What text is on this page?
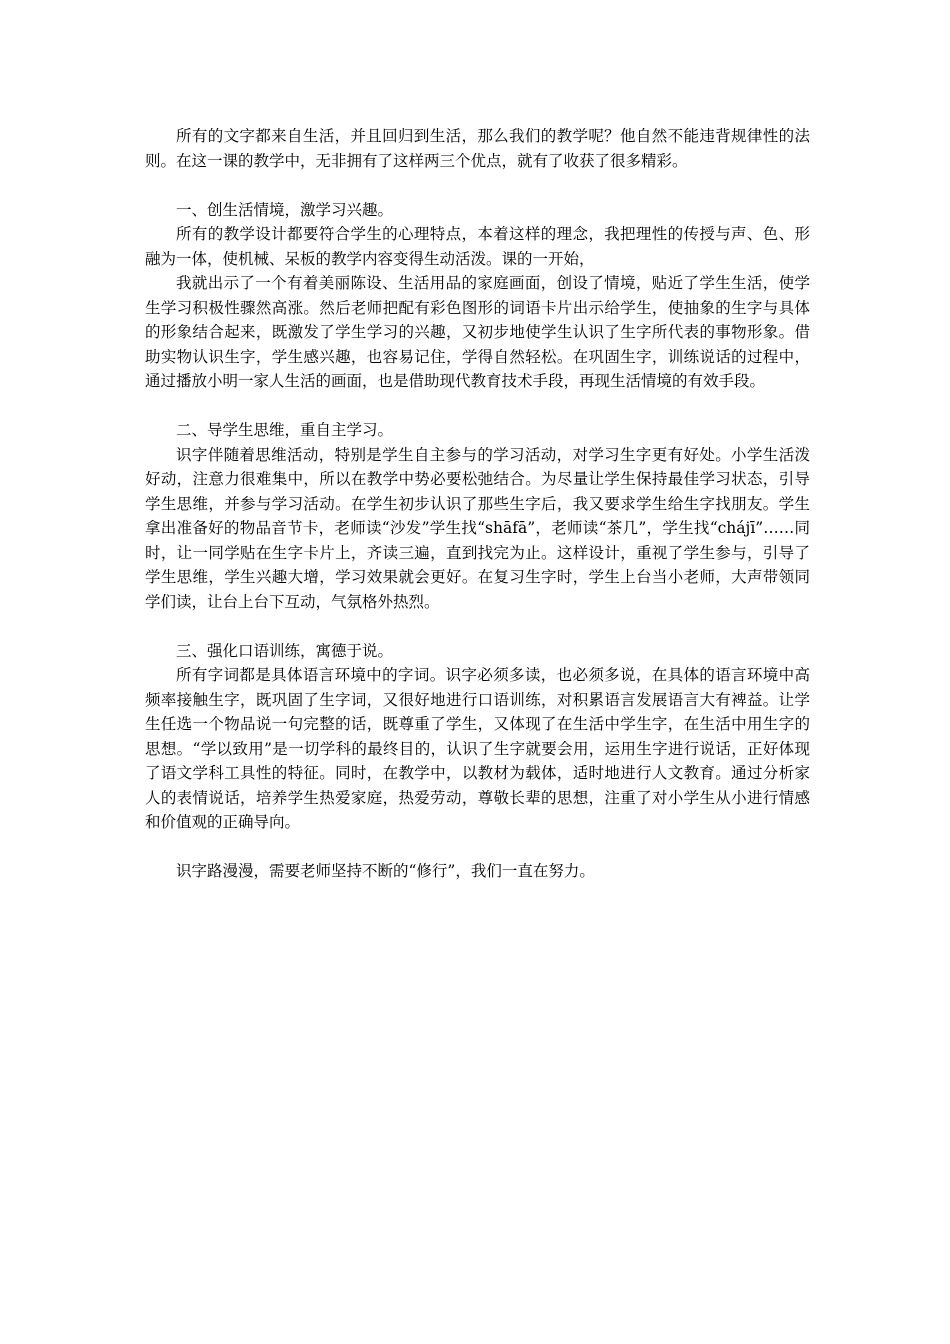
所有的文字都来自生活，并且回归到生活，那么我们的教学呢？他自然不能违背规律性的法则。在这一课的教学中，无非拥有了这样两三个优点，就有了收获了很多精彩。

一、创生活情境，激学习兴趣。

所有的教学设计都要符合学生的心理特点，本着这样的理念，我把理性的传授与声、色、形融为一体，使机械、呆板的教学内容变得生动活泼。课的一开始，

我就出示了一个有着美丽陈设、生活用品的家庭画面，创设了情境，贴近了学生生活，使学生学习积极性骤然高涨。然后老师把配有彩色图形的词语卡片出示给学生，使抽象的生字与具体的形象结合起来，既激发了学生学习的兴趣，又初步地使学生认识了生字所代表的事物形象。借助实物认识生字，学生感兴趣，也容易记住，学得自然轻松。在巩固生字，训练说话的过程中，通过播放小明一家人生活的画面，也是借助现代教育技术手段，再现生活情境的有效手段。

二、导学生思维，重自主学习。

识字伴随着思维活动，特别是学生自主参与的学习活动，对学习生字更有好处。小学生活泼好动，注意力很难集中，所以在教学中势必要松弛结合。为尽量让学生保持最佳学习状态，引导学生思维，并参与学习活动。在学生初步认识了那些生字后，我又要求学生给生字找朋友。学生拿出准备好的物品音节卡，老师读“沙发”学生找“shāfā”，老师读“茶几”，学生找“chájī”……同时，让一同学贴在生字卡片上，齐读三遍，直到找完为止。这样设计，重视了学生参与，引导了学生思维，学生兴趣大增，学习效果就会更好。在复习生字时，学生上台当小老师，大声带领同学们读，让台上台下互动，气氛格外热烈。

三、强化口语训练，寓德于说。

所有字词都是具体语言环境中的字词。识字必须多读，也必须多说，在具体的语言环境中高频率接触生字，既巩固了生字词，又很好地进行口语训练，对积累语言发展语言大有裨益。让学生任选一个物品说一句完整的话，既尊重了学生，又体现了在生活中学生字，在生活中用生字的思想。“学以致用”是一切学科的最终目的，认识了生字就要会用，运用生字进行说话，正好体现了语文学科工具性的特征。同时，在教学中，以教材为载体，适时地进行人文教育。通过分析家人的表情说话，培养学生热爱家庭，热爱劳动，尊敬长辈的思想，注重了对小学生从小进行情感和价值观的正确导向。

识字路漫漫，需要老师坚持不断的“修行”，我们一直在努力。
